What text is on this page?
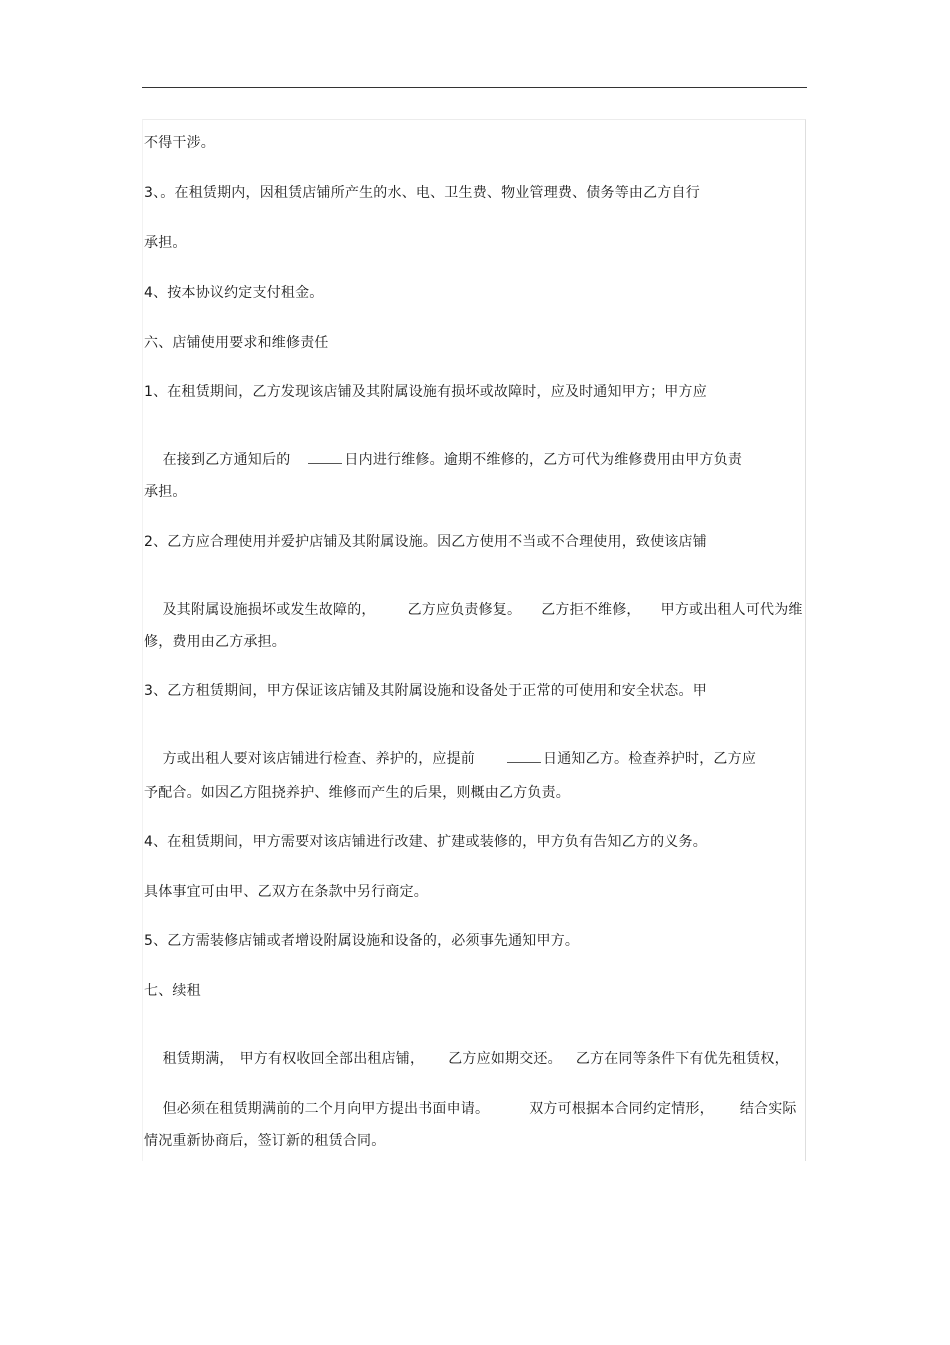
不得干涉。
3、。在租赁期内，因租赁店铺所产生的水、电、卫生费、物业管理费、债务等由乙方自行
承担。
4、按本协议约定支付租金。
六、店铺使用要求和维修责任
1、在租赁期间，乙方发现该店铺及其附属设施有损坏或故障时，应及时通知甲方；甲方应

在接到乙方通知后的	日内进行维修。逾期不维修的，乙方可代为维修费用由甲方负责

承担。
2、乙方应合理使用并爱护店铺及其附属设施。因乙方使用不当或不合理使用，致使该店铺

及其附属设施损坏或发生故障的， 乙方应负责修复。 乙方拒不维修， 甲方或出租人可代为维

修，费用由乙方承担。
3、乙方租赁期间，甲方保证该店铺及其附属设施和设备处于正常的可使用和安全状态。甲

方或出租人要对该店铺进行检查、养护的，应提前	日通知乙方。检查养护时，乙方应

予配合。如因乙方阻挠养护、维修而产生的后果，则概由乙方负责。
4、在租赁期间，甲方需要对该店铺进行改建、扩建或装修的，甲方负有告知乙方的义务。
具体事宜可由甲、乙双方在条款中另行商定。
5、乙方需装修店铺或者增设附属设施和设备的，必须事先通知甲方。
七、续租

租赁期满， 甲方有权收回全部出租店铺， 乙方应如期交还。 乙方在同等条件下有优先租赁权，

但必须在租赁期满前的二个月向甲方提出书面申请。	双方可根据本合同约定情形， 结合实际

情况重新协商后，签订新的租赁合同。
